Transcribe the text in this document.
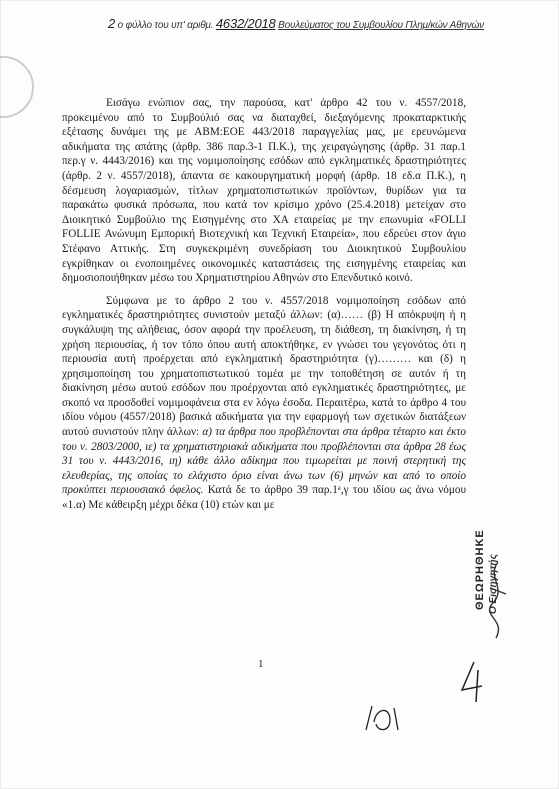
2 ο φύλλο του υπ' αριθμ. 4632/2018 Βουλεύματος του Συμβουλίου Πλημ/κών Αθηνών

Εισάγω ενώπιον σας, την παρούσα, κατ' άρθρο 42 του ν. 4557/2018, προκειμένου από το Συμβούλιό σας να διαταχθεί, διεξαγόμενης προκαταρκτικής εξέτασης δυνάμει της με ΑΒΜ:ΕΟΕ 443/2018 παραγγελίας μας, με ερευνώμενα αδικήματα της απάτης (άρθρ. 386 παρ.3-1 Π.Κ.), της χειραγώγησης (άρθρ. 31 παρ.1 περ.γ ν. 4443/2016) και της νομιμοποίησης εσόδων από εγκληματικές δραστηριότητες (άρθρ. 2 ν. 4557/2018), άπαντα σε κακουργηματική μορφή (άρθρ. 18 εδ.α Π.Κ.), η δέσμευση λογαριασμών, τίτλων χρηματοπιστωτικών προϊόντων, θυρίδων για τα παρακάτω φυσικά πρόσωπα, που κατά τον κρίσιμο χρόνο (25.4.2018) μετείχαν στο Διοικητικό Συμβούλιο της Εισηγμένης στο ΧΑ εταιρείας με την επωνυμία «FOLLI FOLLIE Ανώνυμη Εμπορική Βιοτεχνική και Τεχνική Εταιρεία», που εδρεύει στον άγιο Στέφανο Αττικής. Στη συγκεκριμένη συνεδρίαση του Διοικητικού Συμβουλίου εγκρίθηκαν οι ενοποιημένες οικονομικές καταστάσεις της εισηγμένης εταιρείας και δημοσιοποιήθηκαν μέσω του Χρηματιστηρίου Αθηνών στο Επενδυτικό κοινό.

Σύμφωνα με το άρθρο 2 του ν. 4557/2018 νομιμοποίηση εσόδων από εγκληματικές δραστηριότητες συνιστούν μεταξύ άλλων: (α)…… (β) Η απόκρυψη ή η συγκάλυψη της αλήθειας, όσον αφορά την προέλευση, τη διάθεση, τη διακίνηση, ή τη χρήση περιουσίας, ή τον τόπο όπου αυτή αποκτήθηκε, εν γνώσει του γεγονότος ότι η περιουσία αυτή προέρχεται από εγκληματική δραστηριότητα (γ)……… και (δ) η χρησιμοποίηση του χρηματοπιστωτικού τομέα με την τοποθέτηση σε αυτόν ή τη διακίνηση μέσω αυτού εσόδων που προέρχονται από εγκληματικές δραστηριότητες, με σκοπό να προσδοθεί νομιμοφάνεια στα εν λόγω έσοδα. Περαιτέρω, κατά το άρθρο 4 του ιδίου νόμου (4557/2018) βασικά αδικήματα για την εφαρμογή των σχετικών διατάξεων αυτού συνιστούν πλην άλλων: α) τα άρθρα που προβλέπονται στα άρθρα τέταρτο και έκτο του ν. 2803/2000, ιε) τα χρηματιστηριακά αδικήματα που προβλέπονται στα άρθρα 28 έως 31 του ν. 4443/2016, ιη) κάθε άλλο αδίκημα που τιμωρείται με ποινή στερητική της ελευθερίας, της οποίας το ελάχιστο όριο είναι άνω των (6) μηνών και από το οποίο προκύπτει περιουσιακό όφελος. Κατά δε το άρθρο 39 παρ.1ᵃ,γ του ιδίου ως άνω νόμου «1.α) Με κάθειρξη μέχρι δέκα (10) ετών και με

ΘΕΩΡΗΘΗΚΕ Ο Εισηγητής
1
